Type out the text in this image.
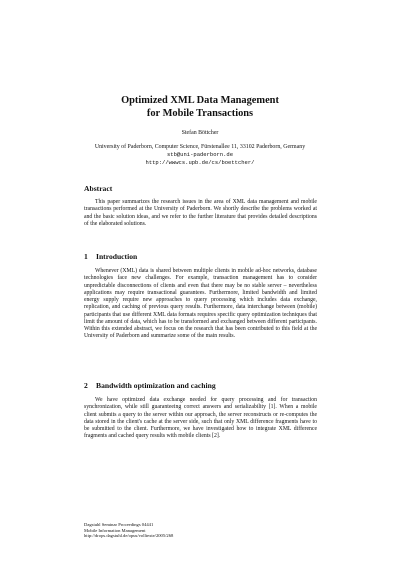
Optimized XML Data Management
for Mobile Transactions
Stefan Böttcher
University of Paderborn, Computer Science, Fürstenallee 11, 33102 Paderborn, Germany
stb@uni-paderborn.de
http://wwwcs.upb.de/cs/boettcher/
Abstract

This paper summarizes the research issues in the area of XML data management and mobile transactions performed at the University of Paderborn. We shortly describe the problems worked at and the basic solution ideas, and we refer to the further literature that provides detailed descriptions of the elaborated solutions.

1 Introduction

Whenever (XML) data is shared between multiple clients in mobile ad-hoc networks, database technologies face new challenges. For example, transaction management has to consider unpredictable disconnections of clients and even that there may be no stable server – nevertheless applications may require transactional guarantees. Furthermore, limited bandwidth and limited energy supply require new approaches to query processing which includes data exchange, replication, and caching of previous query results. Furthermore, data interchange between (mobile) participants that use different XML data formats requires specific query optimization techniques that limit the amount of data, which has to be transformed and exchanged between different participants. Within this extended abstract, we focus on the research that has been contributed to this field at the University of Paderborn and summarize some of the main results.

2 Bandwidth optimization and caching

We have optimized data exchange needed for query processing and for transaction synchronization, while still guaranteeing correct answers and serializability [1]. When a mobile client submits a query to the server within our approach, the server reconstructs or re-computes the data stored in the client's cache at the server side, such that only XML difference fragments have to be submitted to the client. Furthermore, we have investigated how to integrate XML difference fragments and cached query results with mobile clients [2].

Dagstuhl Seminar Proceedings 04441
Mobile Information Management
http://drops.dagstuhl.de/opus/volltexte/2005/268
